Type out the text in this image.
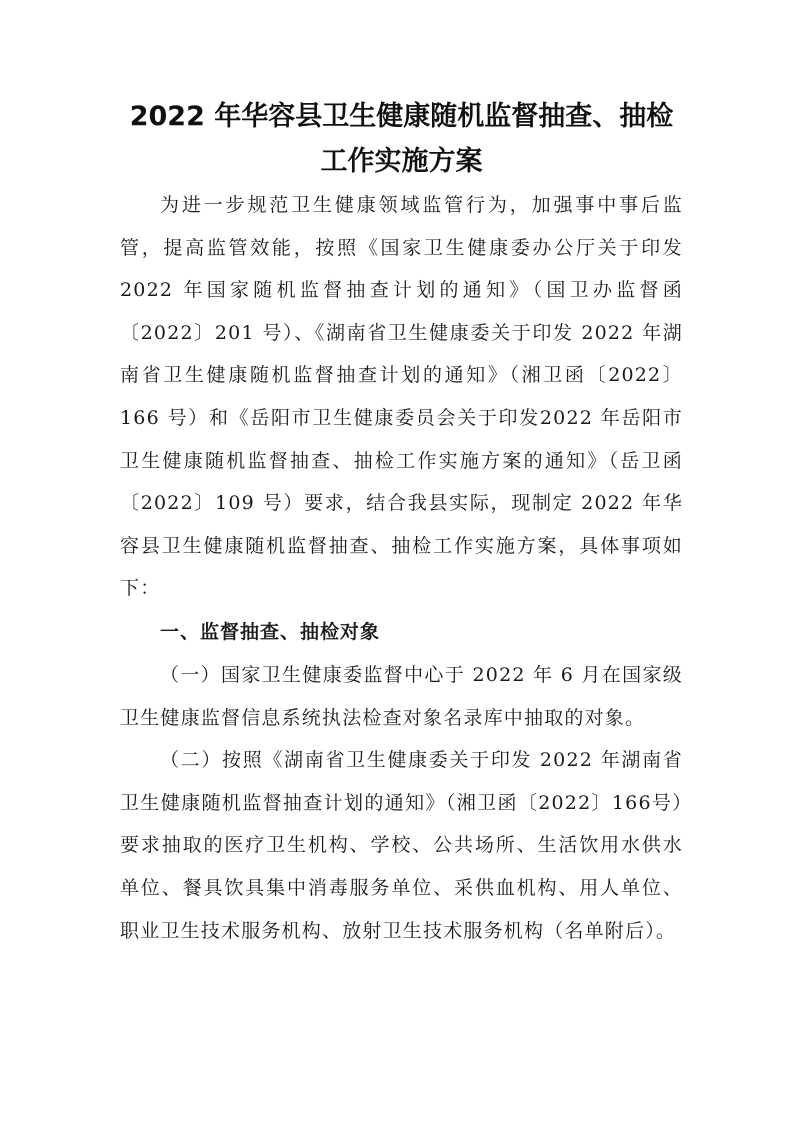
2022 年华容县卫生健康随机监督抽查、抽检
工作实施方案

为进一步规范卫生健康领域监管行为，加强事中事后监管，提高监管效能，按照《国家卫生健康委办公厅关于印发2022 年国家随机监督抽查计划的通知》（国卫办监督函〔2022〕201 号）、《湖南省卫生健康委关于印发 2022 年湖南省卫生健康随机监督抽查计划的通知》（湘卫函〔2022〕166 号）和《岳阳市卫生健康委员会关于印发2022 年岳阳市卫生健康随机监督抽查、抽检工作实施方案的通知》（岳卫函〔2022〕109 号）要求，结合我县实际，现制定 2022 年华容县卫生健康随机监督抽查、抽检工作实施方案，具体事项如下：

一、监督抽查、抽检对象

（一）国家卫生健康委监督中心于 2022 年 6 月在国家级卫生健康监督信息系统执法检查对象名录库中抽取的对象。

（二）按照《湖南省卫生健康委关于印发 2022 年湖南省卫生健康随机监督抽查计划的通知》（湘卫函〔2022〕166号）要求抽取的医疗卫生机构、学校、公共场所、生活饮用水供水单位、餐具饮具集中消毒服务单位、采供血机构、用人单位、职业卫生技术服务机构、放射卫生技术服务机构（名单附后）。
